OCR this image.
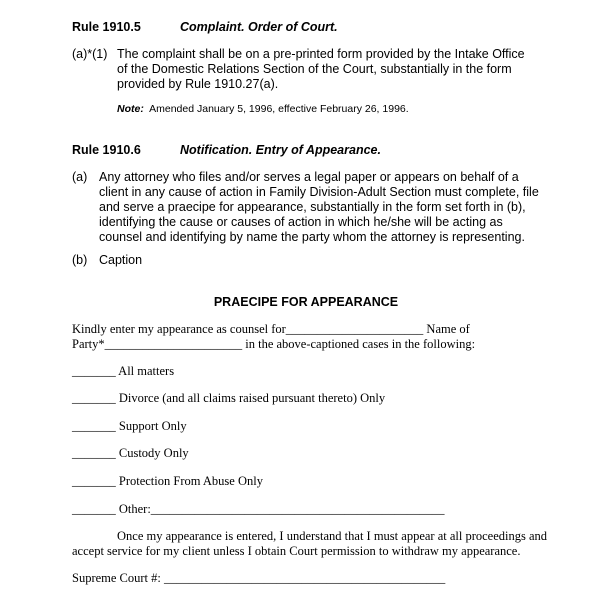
Rule 1910.5	Complaint. Order of Court.
(a)*(1) The complaint shall be on a pre-printed form provided by the Intake Office of the Domestic Relations Section of the Court, substantially in the form provided by Rule 1910.27(a).
Note: Amended January 5, 1996, effective February 26, 1996.
Rule 1910.6	Notification. Entry of Appearance.
(a) Any attorney who files and/or serves a legal paper or appears on behalf of a client in any cause of action in Family Division-Adult Section must complete, file and serve a praecipe for appearance, substantially in the form set forth in (b), identifying the cause or causes of action in which he/she will be acting as counsel and identifying by name the party whom the attorney is representing.
(b) Caption
PRAECIPE FOR APPEARANCE
Kindly enter my appearance as counsel for______________________ Name of
Party*______________________ in the above-captioned cases in the following:
_______ All matters
_______ Divorce (and all claims raised pursuant thereto) Only
_______ Support Only
_______ Custody Only
_______ Protection From Abuse Only
_______ Other:_______________________________________________
Once my appearance is entered, I understand that I must appear at all proceedings and
accept service for my client unless I obtain Court permission to withdraw my appearance.
Supreme Court #: _____________________________________________
